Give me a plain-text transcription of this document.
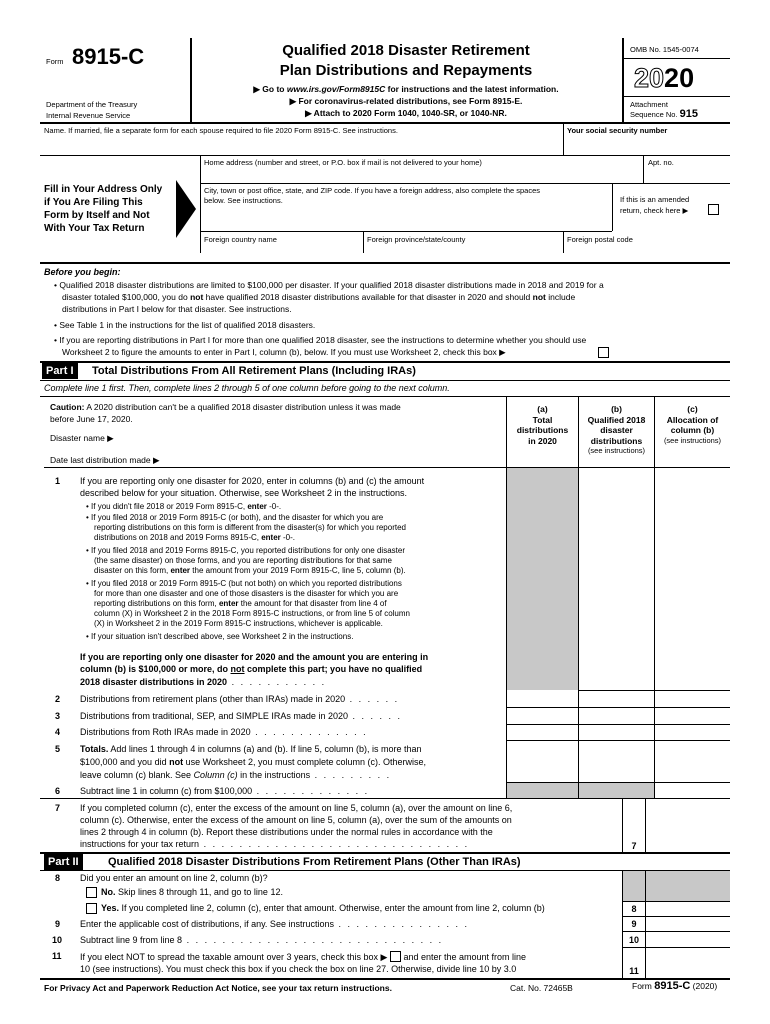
Form 8915-C
Department of the Treasury
Internal Revenue Service
Qualified 2018 Disaster Retirement
Plan Distributions and Repayments
▶ Go to www.irs.gov/Form8915C for instructions and the latest information.
▶ For coronavirus-related distributions, see Form 8915-E.
▶ Attach to 2020 Form 1040, 1040-SR, or 1040-NR.
OMB No. 1545-0074
2020
Attachment
Sequence No. 915
Name. If married, file a separate form for each spouse required to file 2020 Form 8915-C. See instructions.	Your social security number
Fill in Your Address Only
if You Are Filing This
Form by Itself and Not
With Your Tax Return
Home address (number and street, or P.O. box if mail is not delivered to your home)	Apt. no.
City, town or post office, state, and ZIP code. If you have a foreign address, also complete the spaces
below. See instructions.	If this is an amended
return, check here ▶
Foreign country name	Foreign province/state/county	Foreign postal code
Before you begin:
• Qualified 2018 disaster distributions are limited to $100,000 per disaster. If your qualified 2018 disaster distributions made in 2018 and 2019 for a
disaster totaled $100,000, you do not have qualified 2018 disaster distributions available for that disaster in 2020 and should not include
distributions in Part I below for that disaster. See instructions.
• See Table 1 in the instructions for the list of qualified 2018 disasters.
• If you are reporting distributions in Part I for more than one qualified 2018 disaster, see the instructions to determine whether you should use
Worksheet 2 to figure the amounts to enter in Part I, column (b), below. If you must use Worksheet 2, check this box ▶
Part I	Total Distributions From All Retirement Plans (Including IRAs)
Complete line 1 first. Then, complete lines 2 through 5 of one column before going to the next column.
Caution: A 2020 distribution can't be a qualified 2018 disaster distribution unless it was made
before June 17, 2020.
Disaster name ▶
Date last distribution made ▶
(a)
Total
distributions
in 2020
(b)
Qualified 2018
disaster
distributions
(see instructions)
(c)
Allocation of
column (b)
(see instructions)
1 If you are reporting only one disaster for 2020, enter in columns (b) and (c) the amount
described below for your situation. Otherwise, see Worksheet 2 in the instructions.
• If you didn't file 2018 or 2019 Form 8915-C, enter -0-.
• If you filed 2018 or 2019 Form 8915-C (or both), and the disaster for which you are
reporting distributions on this form is different from the disaster(s) for which you reported
distributions on 2018 and 2019 Forms 8915-C, enter -0-.
• If you filed 2018 and 2019 Forms 8915-C, you reported distributions for only one disaster
(the same disaster) on those forms, and you are reporting distributions for that same
disaster on this form, enter the amount from your 2019 Form 8915-C, line 5, column (b).
• If you filed 2018 or 2019 Form 8915-C (but not both) on which you reported distributions
for more than one disaster and one of those disasters is the disaster for which you are
reporting distributions on this form, enter the amount for that disaster from line 4 of
column (X) in Worksheet 2 in the 2018 Form 8915-C instructions, or from line 5 of column
(X) in Worksheet 2 in the 2019 Form 8915-C instructions, whichever is applicable.
• If your situation isn't described above, see Worksheet 2 in the instructions.
If you are reporting only one disaster for 2020 and the amount you are entering in
column (b) is $100,000 or more, do not complete this part; you have no qualified
2018 disaster distributions in 2020 . . . . . . . . . . .
2 Distributions from retirement plans (other than IRAs) made in 2020 . . . . . .
3 Distributions from traditional, SEP, and SIMPLE IRAs made in 2020 . . . . . .
4 Distributions from Roth IRAs made in 2020 . . . . . . . . . . . . .
5 Totals. Add lines 1 through 4 in columns (a) and (b). If line 5, column (b), is more than
$100,000 and you did not use Worksheet 2, you must complete column (c). Otherwise,
leave column (c) blank. See Column (c) in the instructions . . . . . . . . .
6 Subtract line 1 in column (c) from $100,000 . . . . . . . . . . . . .
7 If you completed column (c), enter the excess of the amount on line 5, column (a), over the amount on line 6,
column (c). Otherwise, enter the excess of the amount on line 5, column (a), over the sum of the amounts on
lines 2 through 4 in column (b). Report these distributions under the normal rules in accordance with the
instructions for your tax return . . . . . . . . . . . . . . . . . . . . . . . . . . . . . .	7
Part II	Qualified 2018 Disaster Distributions From Retirement Plans (Other Than IRAs)
8 Did you enter an amount on line 2, column (b)?
No. Skip lines 8 through 11, and go to line 12.
Yes. If you completed line 2, column (c), enter that amount. Otherwise, enter the amount from line 2, column (b)	8
9 Enter the applicable cost of distributions, if any. See instructions . . . . . . . . . . . . . . .	9
10 Subtract line 9 from line 8 . . . . . . . . . . . . . . . . . . . . . . . . . . . . .	10
11 If you elect NOT to spread the taxable amount over 3 years, check this box ▶  and enter the amount from line
10 (see instructions). You must check this box if you check the box on line 27. Otherwise, divide line 10 by 3.0	11
For Privacy Act and Paperwork Reduction Act Notice, see your tax return instructions.	Cat. No. 72465B	Form 8915-C (2020)
